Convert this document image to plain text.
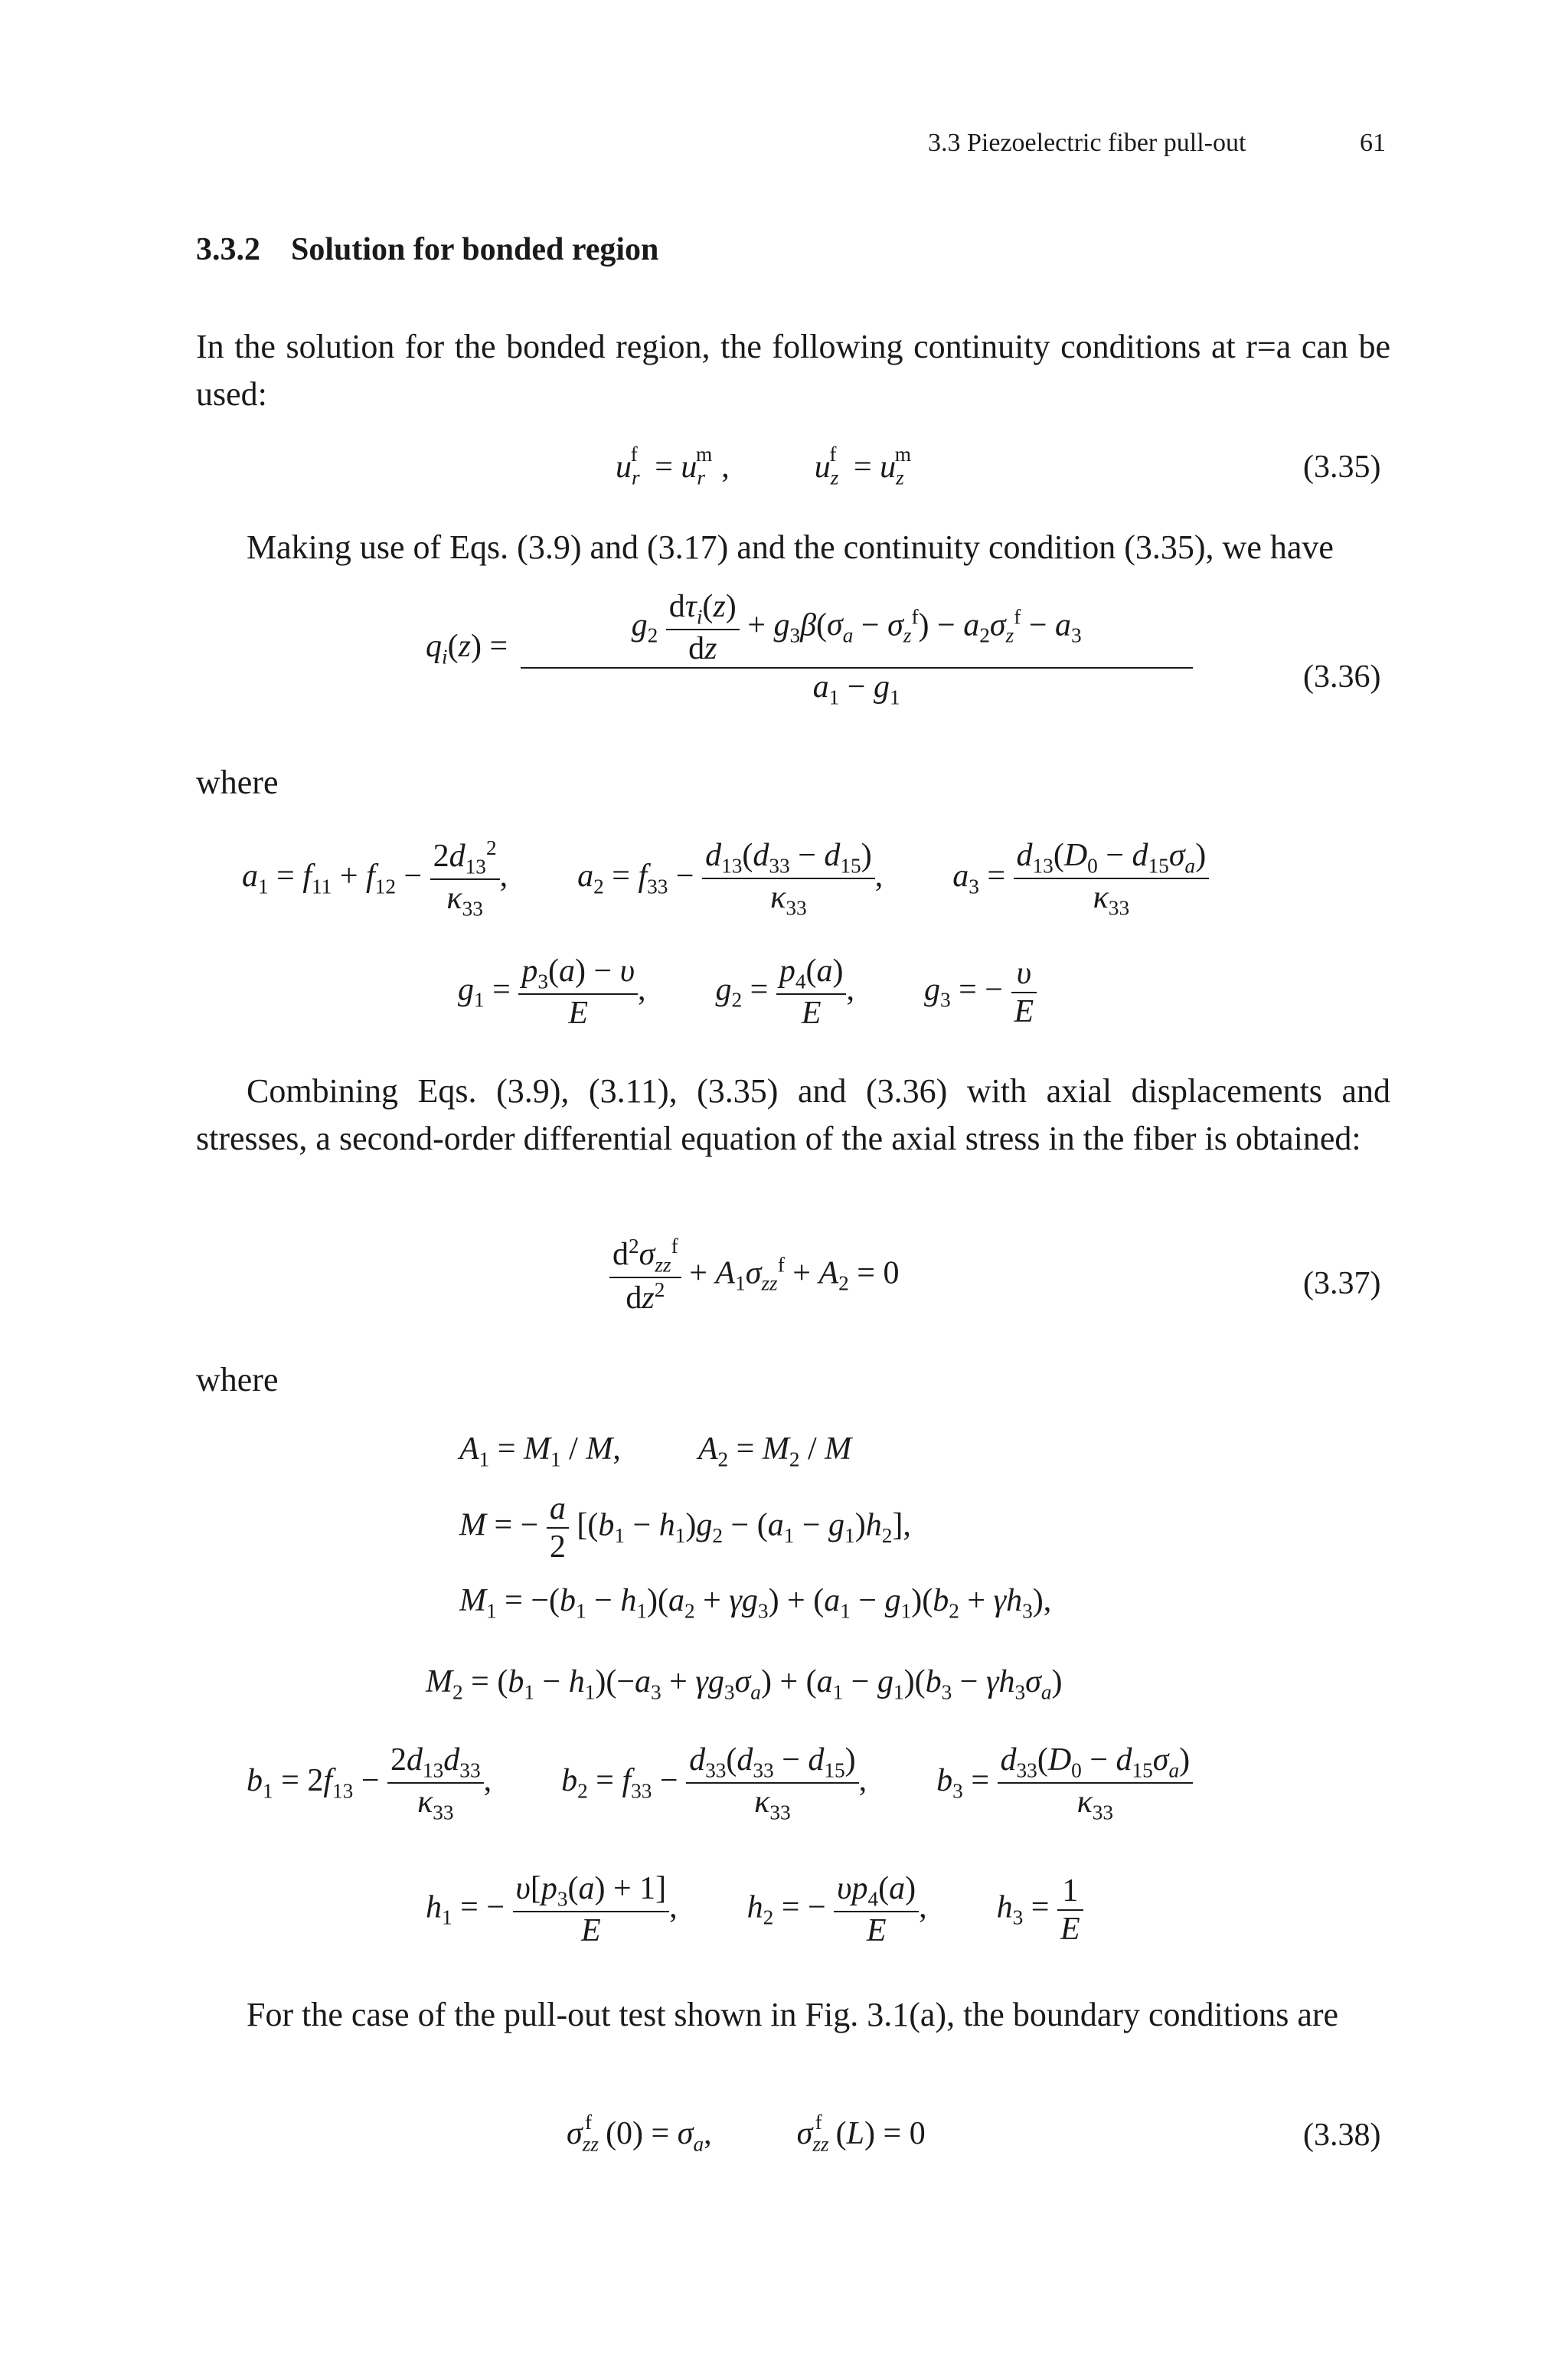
3.3 Piezoelectric fiber pull-out	61
3.3.2 Solution for bonded region
In the solution for the bonded region, the following continuity conditions at r=a can be used:
$u_r^f = u_r^m$ ,  $u_z^f = u_z^m$	(3.35)
Making use of Eqs. (3.9) and (3.17) and the continuity condition (3.35), we have
$q_i(z) = \frac{g_2 \frac{d\tau_i(z)}{dz} + g_3\beta(\sigma_a - \sigma_z^f) - a_2\sigma_z^f - a_3}{a_1 - g_1}$	(3.36)
where
$a_1 = f_{11} + f_{12} - \frac{2d_{13}^2}{\kappa_{33}}$ ,  $a_2 = f_{33} - \frac{d_{13}(d_{33} - d_{15})}{\kappa_{33}}$ ,  $a_3 = \frac{d_{13}(D_0 - d_{15}\sigma_a)}{\kappa_{33}}$
$g_1 = \frac{p_3(a) - \upsilon}{E}$ ,  $g_2 = \frac{p_4(a)}{E}$ ,  $g_3$ = − $\frac{\upsilon}{E}$
Combining Eqs. (3.9), (3.11), (3.35) and (3.36) with axial displacements and stresses, a second-order differential equation of the axial stress in the fiber is obtained:
$\frac{d^2\sigma_{zz}^f}{dz^2} + A_1\sigma_{zz}^f + A_2 = 0$	(3.37)
where
$A_1 = M_1 / M$,  $A_2 = M_2 / M$
M = − $\frac{a}{2} [(b_1 - h_1)g_2 - (a_1 - g_1)h_2]$,
$M_1 = -(b_1 - h_1)(a_2 + \gamma g_3) + (a_1 - g_1)(b_2 + \gamma h_3)$,
$M_2 = (b_1 - h_1)(-a_3 + \gamma g_3\sigma_a) + (a_1 - g_1)(b_3 - \gamma h_3\sigma_a)$
$b_1 = 2f_{13} - \frac{2d_{13}d_{33}}{\kappa_{33}}$ ,  $b_2 = f_{33} - \frac{d_{33}(d_{33} - d_{15})}{\kappa_{33}}$ ,  $b_3 = \frac{d_{33}(D_0 - d_{15}\sigma_a)}{\kappa_{33}}$
$h_1$ = − $\frac{\upsilon[p_3(a) + 1]}{E}$ ,  $h_2$ = − $\frac{\upsilon p_4(a)}{E}$ ,  $h_3 = \frac{1}{E}$
For the case of the pull-out test shown in Fig. 3.1(a), the boundary conditions are
$\sigma_{zz}^f$ $(0) = \sigma_a$,  $\sigma_{zz}^f$ (L) = 0	(3.38)
